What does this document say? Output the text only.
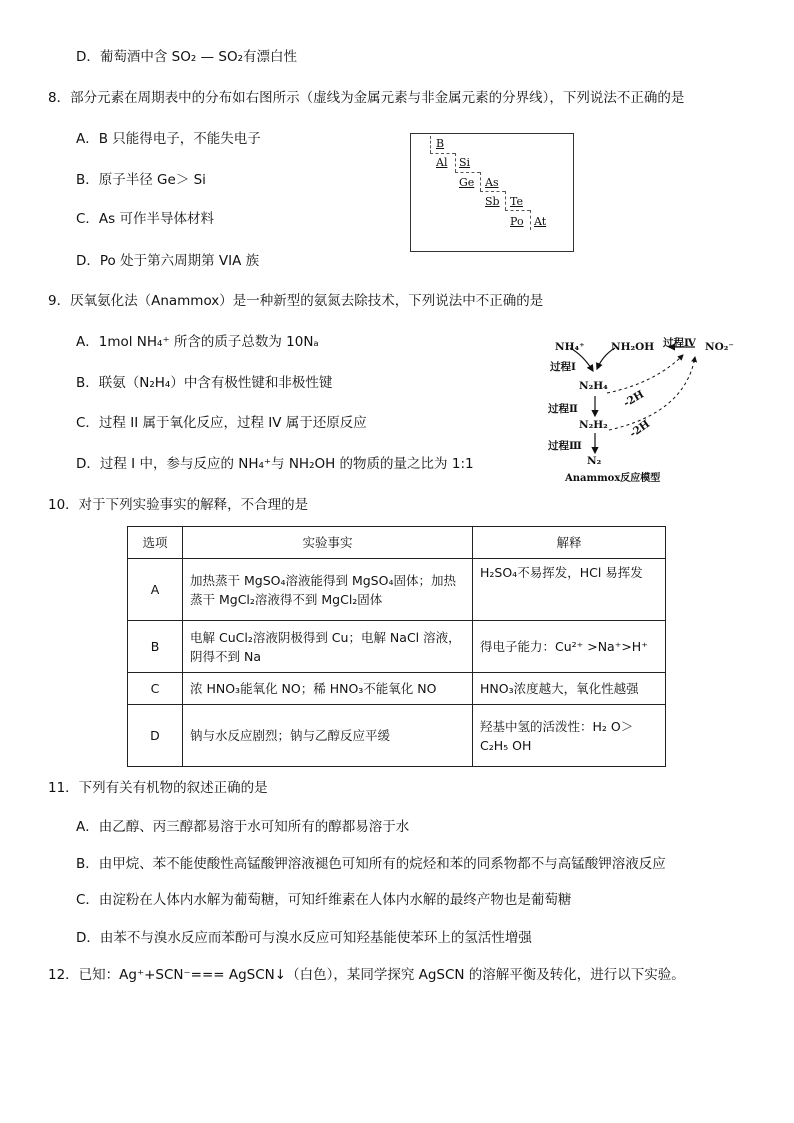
D．葡萄酒中含 SO₂ — SO₂有漂白性
8．部分元素在周期表中的分布如右图所示（虚线为金属元素与非金属元素的分界线），下列说法不正确的是
A．B 只能得电子，不能失电子
B．原子半径 Ge＞ Si
C．As 可作半导体材料
D．Po 处于第六周期第 VIA 族
B
Al Si
Ge As
Sb Te
Po At
9．厌氧氨化法（Anammox）是一种新型的氨氮去除技术，下列说法中不正确的是
A．1mol NH₄⁺ 所含的质子总数为 10Nₐ
B．联氨（N₂H₄）中含有极性键和非极性键
C．过程 II 属于氧化反应，过程 IV 属于还原反应
D．过程 I 中，参与反应的 NH₄⁺与 NH₂OH 的物质的量之比为 1:1
NH₄⁺	NH₂OH 过程Ⅳ NO₂⁻
过程Ⅰ
N₂H₄
过程Ⅱ
N₂H₂
过程Ⅲ
N₂
-2H
-2H
Anammox反应模型
10．对于下列实验事实的解释，不合理的是
选项	实验事实	解释
A	加热蒸干 MgSO₄溶液能得到 MgSO₄固体；加热蒸干 MgCl₂溶液得不到 MgCl₂固体	H₂SO₄不易挥发，HCl 易挥发
B	电解 CuCl₂溶液阴极得到 Cu；电解 NaCl 溶液，阴得不到 Na	得电子能力：Cu²⁺ >Na⁺>H⁺
C	浓 HNO₃能氧化 NO；稀 HNO₃不能氧化 NO	HNO₃浓度越大，氧化性越强
D	钠与水反应剧烈；钠与乙醇反应平缓	羟基中氢的活泼性：H₂ O＞ C₂H₅ OH
11．下列有关有机物的叙述正确的是
A．由乙醇、丙三醇都易溶于水可知所有的醇都易溶于水
B．由甲烷、苯不能使酸性高锰酸钾溶液褪色可知所有的烷烃和苯的同系物都不与高锰酸钾溶液反应
C．由淀粉在人体内水解为葡萄糖，可知纤维素在人体内水解的最终产物也是葡萄糖
D．由苯不与溴水反应而苯酚可与溴水反应可知羟基能使苯环上的氢活性增强
12．已知：Ag⁺+SCN⁻=== AgSCN↓（白色），某同学探究 AgSCN 的溶解平衡及转化，进行以下实验。
